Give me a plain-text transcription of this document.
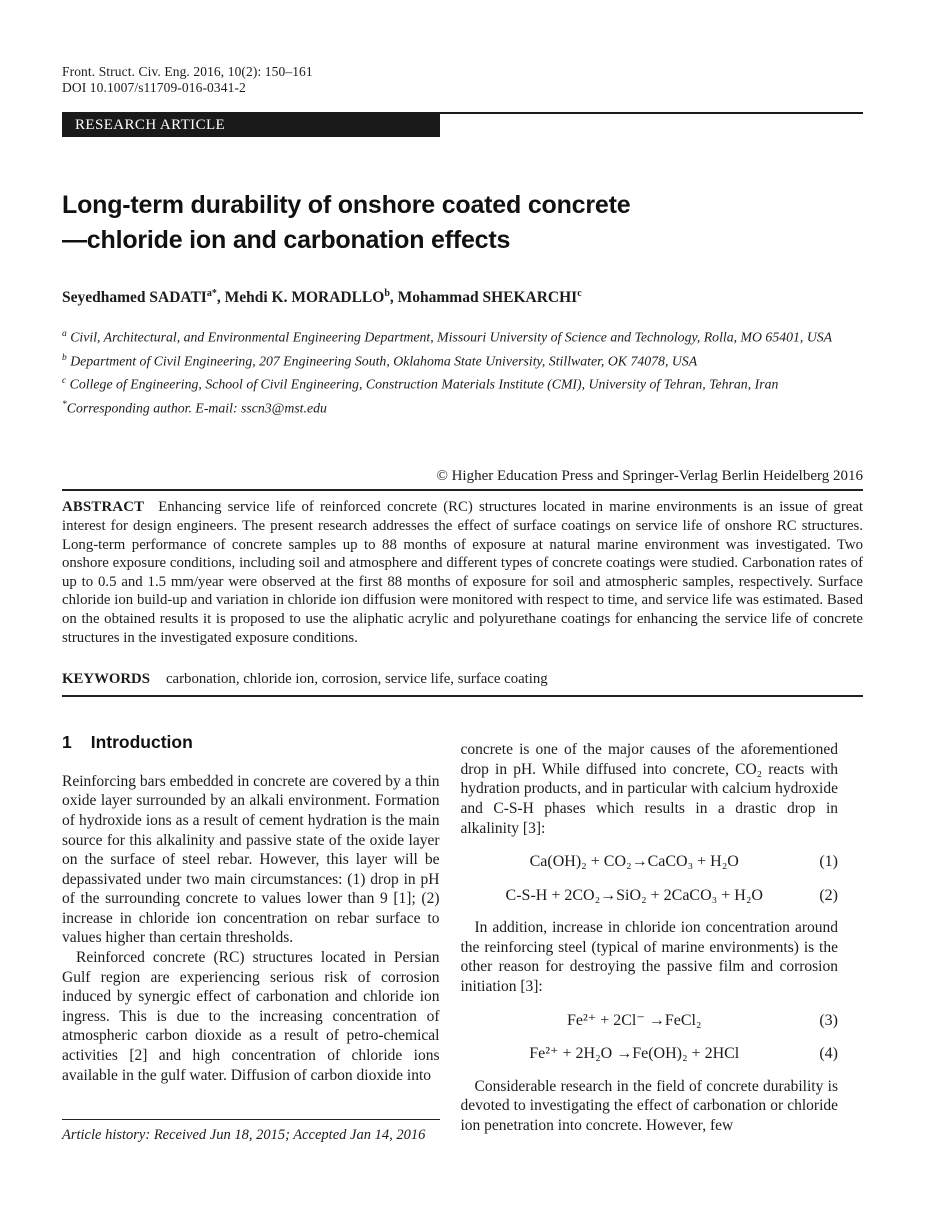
Front. Struct. Civ. Eng. 2016, 10(2): 150–161
DOI 10.1007/s11709-016-0341-2
RESEARCH ARTICLE
Long-term durability of onshore coated concrete
—chloride ion and carbonation effects
Seyedhamed $SADATI^{a*}$, Mehdi K. MORADLLO$^b$, Mohammad SHEKARCHI$^c$
$^a$ Civil, Architectural, and Environmental Engineering Department, Missouri University of Science and Technology, Rolla, MO 65401, USA
$^b$ Department of Civil Engineering, 207 Engineering South, Oklahoma State University, Stillwater, OK 74078, USA
$^c$ College of Engineering, School of Civil Engineering, Construction Materials Institute (CMI), University of Tehran, Tehran, Iran
*Corresponding author. E-mail: sscn3@mst.edu
© Higher Education Press and Springer-Verlag Berlin Heidelberg 2016

ABSTRACT Enhancing service life of reinforced concrete (RC) structures located in marine environments is an issue of great interest for design engineers. The present research addresses the effect of surface coatings on service life of onshore RC structures. Long-term performance of concrete samples up to 88 months of exposure at natural marine environment was investigated. Two onshore exposure conditions, including soil and atmosphere and different types of concrete coatings were studied. Carbonation rates of up to 0.5 and 1.5 mm/year were observed at the first 88 months of exposure for soil and atmospheric samples, respectively. Surface chloride ion build-up and variation in chloride ion diffusion were monitored with respect to time, and service life was estimated. Based on the obtained results it is proposed to use the aliphatic acrylic and polyurethane coatings for enhancing the service life of concrete structures in the investigated exposure conditions.

KEYWORDS carbonation, chloride ion, corrosion, service life, surface coating

1 Introduction

Reinforcing bars embedded in concrete are covered by a thin oxide layer surrounded by an alkali environment. Formation of hydroxide ions as a result of cement hydration is the main source for this alkalinity and passive state of the oxide layer on the surface of steel rebar. However, this layer will be depassivated under two main circumstances: (1) drop in pH of the surrounding concrete to values lower than 9 [1]; (2) increase in chloride ion concentration on rebar surface to values higher than certain thresholds.

Reinforced concrete (RC) structures located in Persian Gulf region are experiencing serious risk of corrosion induced by synergic effect of carbonation and chloride ion ingress. This is due to the increasing concentration of atmospheric carbon dioxide as a result of petro-chemical activities [2] and high concentration of chloride ions available in the gulf water. Diffusion of carbon dioxide into

Article history: Received Jun 18, 2015; Accepted Jan 14, 2016

concrete is one of the major causes of the aforementioned drop in pH. While diffused into concrete, CO₂ reacts with hydration products, and in particular with calcium hydroxide and C-S-H phases which results in a drastic drop in alkalinity [3]:

Ca(OH)₂ + CO₂→CaCO₃ + H₂O	(1)
C-S-H + 2CO₂→SiO₂ + 2CaCO₃ + H₂O	(2)

In addition, increase in chloride ion concentration around the reinforcing steel (typical of marine environments) is the other reason for destroying the passive film and corrosion initiation [3]:

Fe²⁺ + 2Cl⁻ →FeCl₂	(3)
Fe²⁺ + 2H₂O →Fe(OH)₂ + 2HCl	(4)

Considerable research in the field of concrete durability is devoted to investigating the effect of carbonation or chloride ion penetration into concrete. However, few
